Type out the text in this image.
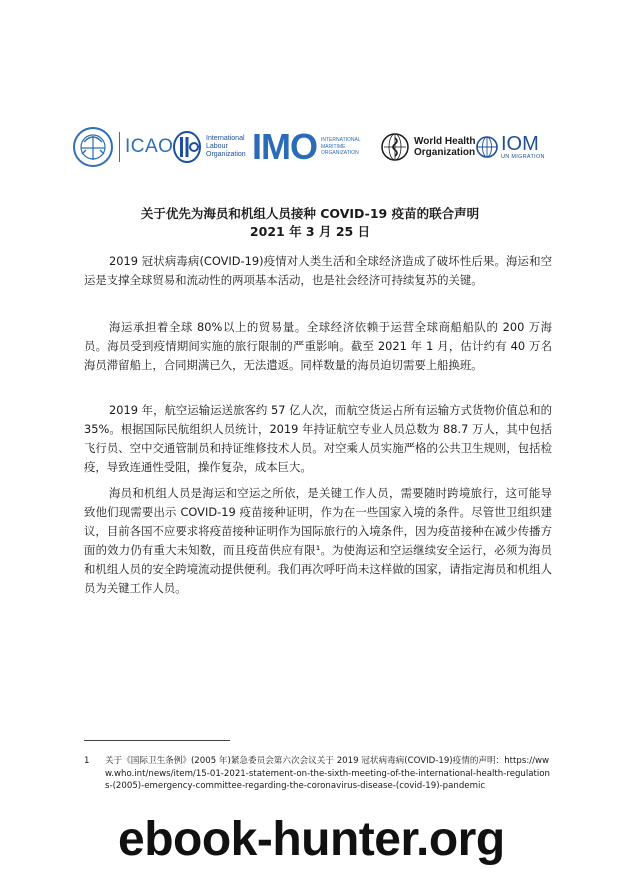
ICAO	International
Labour
Organization IMO INTERNATIONAL
MARITIME
ORGANIZATION
World Health
Organization IOM
UN MIGRATION
关于优先为海员和机组人员接种 COVID-19 疫苗的联合声明
2021 年 3 月 25 日

2019 冠状病毒病(COVID-19)疫情对人类生活和全球经济造成了破坏性后果。海运和空运是支撑全球贸易和流动性的两项基本活动，也是社会经济可持续复苏的关键。

海运承担着全球 80%以上的贸易量。全球经济依赖于运营全球商船船队的 200 万海员。海员受到疫情期间实施的旅行限制的严重影响。截至 2021 年 1 月，估计约有 40 万名海员滞留船上，合同期满已久，无法遣返。同样数量的海员迫切需要上船换班。

2019 年，航空运输运送旅客约 57 亿人次，而航空货运占所有运输方式货物价值总和的 35%。根据国际民航组织人员统计，2019 年持证航空专业人员总数为 88.7 万人，其中包括飞行员、空中交通管制员和持证维修技术人员。对空乘人员实施严格的公共卫生规则，包括检疫，导致连通性受阻，操作复杂，成本巨大。

海员和机组人员是海运和空运之所依，是关键工作人员，需要随时跨境旅行，这可能导致他们现需要出示 COVID-19 疫苗接种证明，作为在一些国家入境的条件。尽管世卫组织建议，目前各国不应要求将疫苗接种证明作为国际旅行的入境条件，因为疫苗接种在减少传播方面的效力仍有重大未知数，而且疫苗供应有限¹。为使海运和空运继续安全运行，必须为海员和机组人员的安全跨境流动提供便利。我们再次呼吁尚未这样做的国家，请指定海员和机组人员为关键工作人员。

1 关于《国际卫生条例》(2005 年)紧急委员会第六次会议关于 2019 冠状病毒病(COVID-19)疫情的声明：https://www.who.int/news/item/15-01-2021-statement-on-the-sixth-meeting-of-the-international-health-regulations-(2005)-emergency-committee-regarding-the-coronavirus-disease-(covid-19)-pandemic
ebook-hunter.org
